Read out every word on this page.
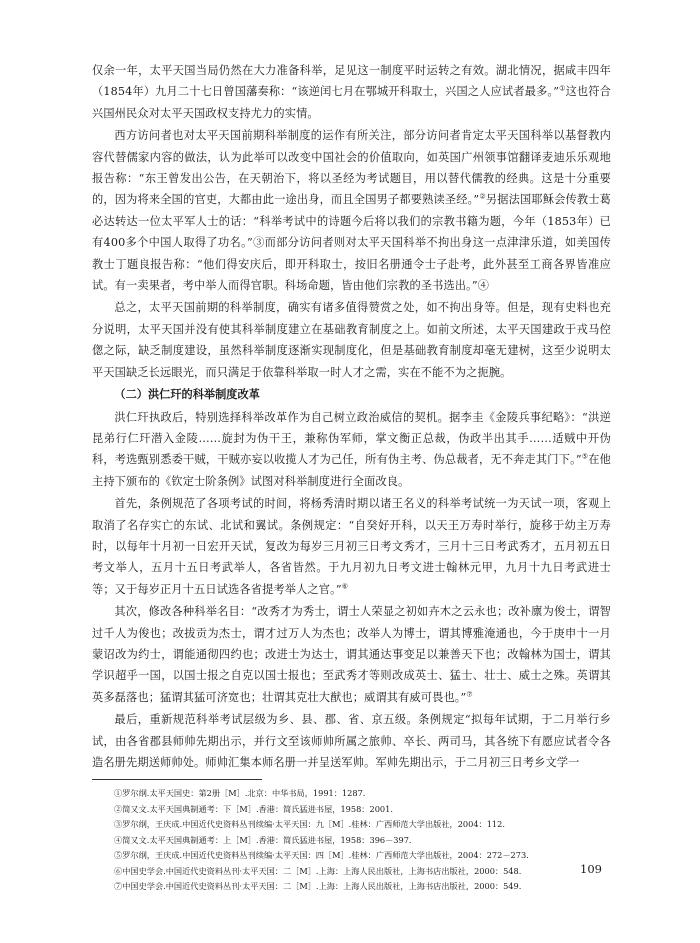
仅余一年，太平天国当局仍然在大力准备科举，足见这一制度平时运转之有效。湖北情况，据咸丰四年（1854年）九月二十七日曾国藩奏称：“该逆闰七月在鄂城开科取士，兴国之人应试者最多。”①这也符合兴国州民众对太平天国政权支持尤力的实情。

西方访问者也对太平天国前期科举制度的运作有所关注，部分访问者肯定太平天国科举以基督教内容代替儒家内容的做法，认为此举可以改变中国社会的价值取向，如英国广州领事馆翻译麦迪乐乐观地报告称：“东王曾发出公告，在天朝治下，将以圣经为考试题目，用以替代儒教的经典。这是十分重要的，因为将来全国的官吏，大都由此一途出身，而且全国男子都要熟读圣经。”②另据法国耶稣会传教士葛必达转达一位太平军人士的话：“科举考试中的诗题今后将以我们的宗教书籍为题，今年（1853年）已有400多个中国人取得了功名。”③而部分访问者则对太平天国科举不拘出身这一点津津乐道，如美国传教士丁题良报告称：“他们得安庆后，即开科取士，按旧名册通令士子赴考，此外甚至工商各界皆准应试。有一卖果者，考中举人而得官职。科场命题，皆由他们宗教的圣书选出。”④

总之，太平天国前期的科举制度，确实有诸多值得赞赏之处，如不拘出身等。但是，现有史料也充分说明，太平天国并没有使其科举制度建立在基础教育制度之上。如前文所述，太平天国建政于戎马倥偬之际，缺乏制度建设，虽然科举制度逐渐实现制度化，但是基础教育制度却毫无建树，这至少说明太平天国缺乏长远眼光，而只满足于依靠科举取一时人才之需，实在不能不为之扼腕。

（二）洪仁玕的科举制度改革

洪仁玕执政后，特别选择科举改革作为自己树立政治威信的契机。据李圭《金陵兵事纪略》：“洪逆昆弟行仁玕潜入金陵……旋封为伪干王，兼称伪军师，掌文衡正总裁，伪政半出其手……适贼中开伪科，考选甄别悉委干贼，干贼亦妄以收揽人才为己任，所有伪主考、伪总裁者，无不奔走其门下。”⑤在他主持下颁布的《钦定士阶条例》试图对科举制度进行全面改良。

首先，条例规范了各项考试的时间，将杨秀清时期以诸王名义的科举考试统一为天试一项，客观上取消了名存实亡的东试、北试和翼试。条例规定：“自癸好开科，以天王万寿时举行，旋移于幼主万寿时，以每年十月初一日宏开天试，复改为每岁三月初三日考文秀才，三月十三日考武秀才，五月初五日考文举人，五月十五日考武举人，各省皆然。于九月初九日考文进士翰林元甲，九月十九日考武进士等；又于每岁正月十五日试选各省提考举人之官。”⑥

其次，修改各种科举名目：“改秀才为秀士，谓士人荣显之初如卉木之云永也；改补廪为俊士，谓智过千人为俊也；改拔贡为杰士，谓才过万人为杰也；改举人为博士，谓其博雅淹通也，今于庚申十一月蒙诏改为约士，谓能通彻四约也；改进士为达士，谓其通达事变足以兼善天下也；改翰林为国士，谓其学识超乎一国，以国士报之自克以国士报也；至武秀才等则改成英士、猛士、壮士、威士之殊。英谓其英多磊落也；猛谓其猛可济宽也；壮谓其克壮大猷也；威谓其有威可畏也。”⑦

最后，重新规范科举考试层级为乡、县、郡、省、京五级。条例规定“拟每年试期，于二月举行乡试，由各省郡县师帅先期出示，并行文至该师帅所属之旅帅、卒长、两司马，其各统下有愿应试者令各造名册先期送师帅处。师帅汇集本师名册一并呈送军帅。军帅先期出示，于二月初三日考乡文学一

①罗尔纲.太平天国史：第2册［M］.北京：中华书局，1991：1287.
②简又文.太平天国典制通考：下［M］.香港：简氏猛进书屋，1958：2001.
③罗尔纲，王庆成.中国近代史资料丛刊续编·太平天国：九［M］.桂林：广西师范大学出版社，2004：112.
④简又文.太平天国典制通考：上［M］.香港：简氏猛进书屋，1958：396－397.
⑤罗尔纲，王庆成.中国近代史资料丛刊续编·太平天国：四［M］.桂林：广西师范大学出版社，2004：272－273.
⑥中国史学会.中国近代史资料丛刊·太平天国：二［M］.上海：上海人民出版社，上海书店出版社，2000：548.
⑦中国史学会.中国近代史资料丛刊·太平天国：二［M］.上海：上海人民出版社，上海书店出版社，2000：549.
109
